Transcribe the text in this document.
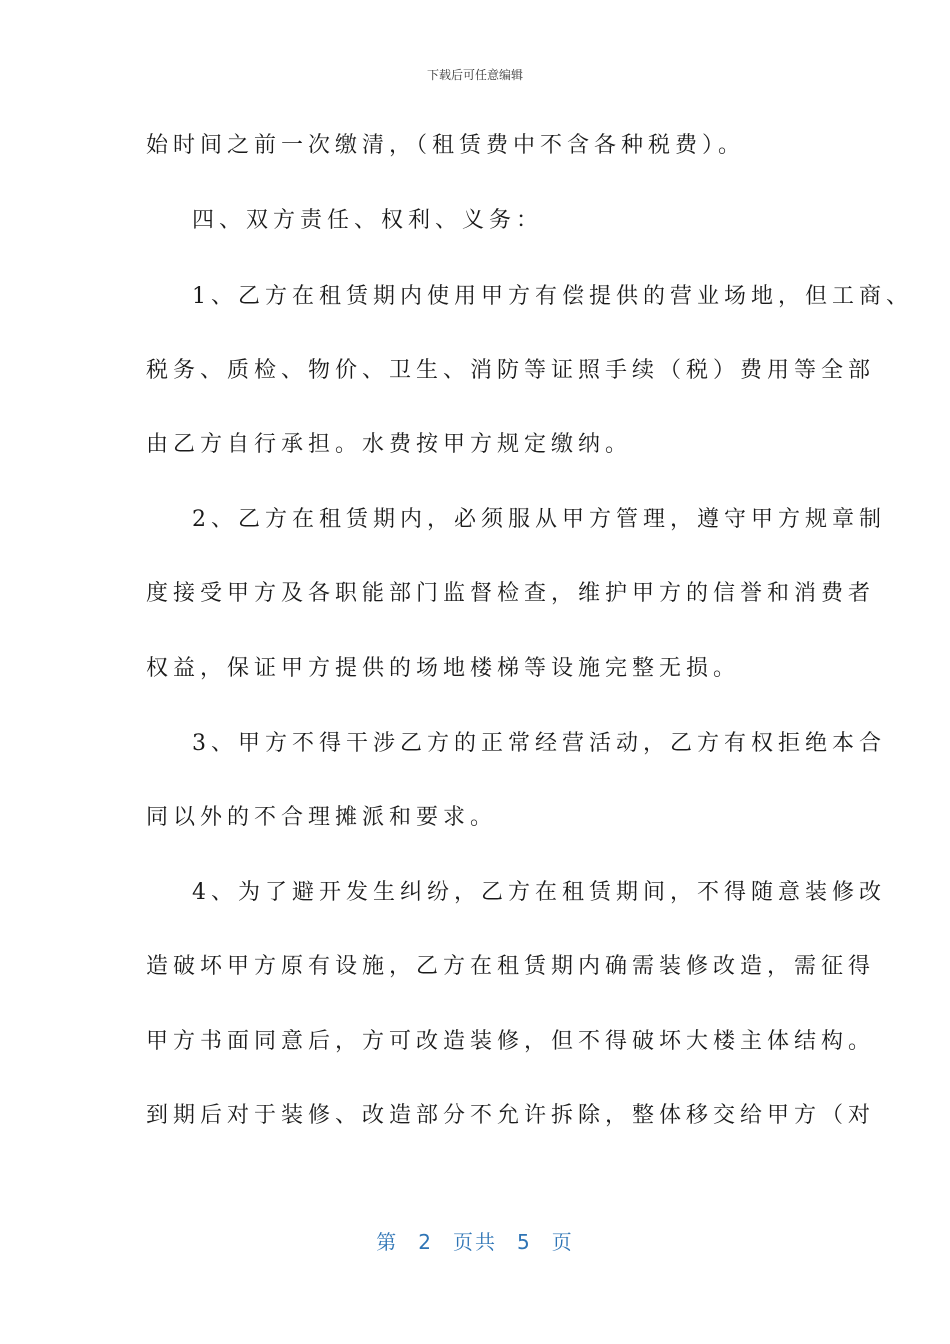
下载后可任意编辑
始时间之前一次缴清，（租赁费中不含各种税费）。
四、双方责任、权利、义务：
1、乙方在租赁期内使用甲方有偿提供的营业场地，但工商、
税务、质检、物价、卫生、消防等证照手续（税）费用等全部
由乙方自行承担。水费按甲方规定缴纳。
2、乙方在租赁期内，必须服从甲方管理，遵守甲方规章制
度接受甲方及各职能部门监督检查，维护甲方的信誉和消费者
权益，保证甲方提供的场地楼梯等设施完整无损。
3、甲方不得干涉乙方的正常经营活动，乙方有权拒绝本合
同以外的不合理摊派和要求。
4、为了避开发生纠纷，乙方在租赁期间，不得随意装修改
造破坏甲方原有设施，乙方在租赁期内确需装修改造，需征得
甲方书面同意后，方可改造装修，但不得破坏大楼主体结构。
到期后对于装修、改造部分不允许拆除，整体移交给甲方（对
第 2 页共 5 页
